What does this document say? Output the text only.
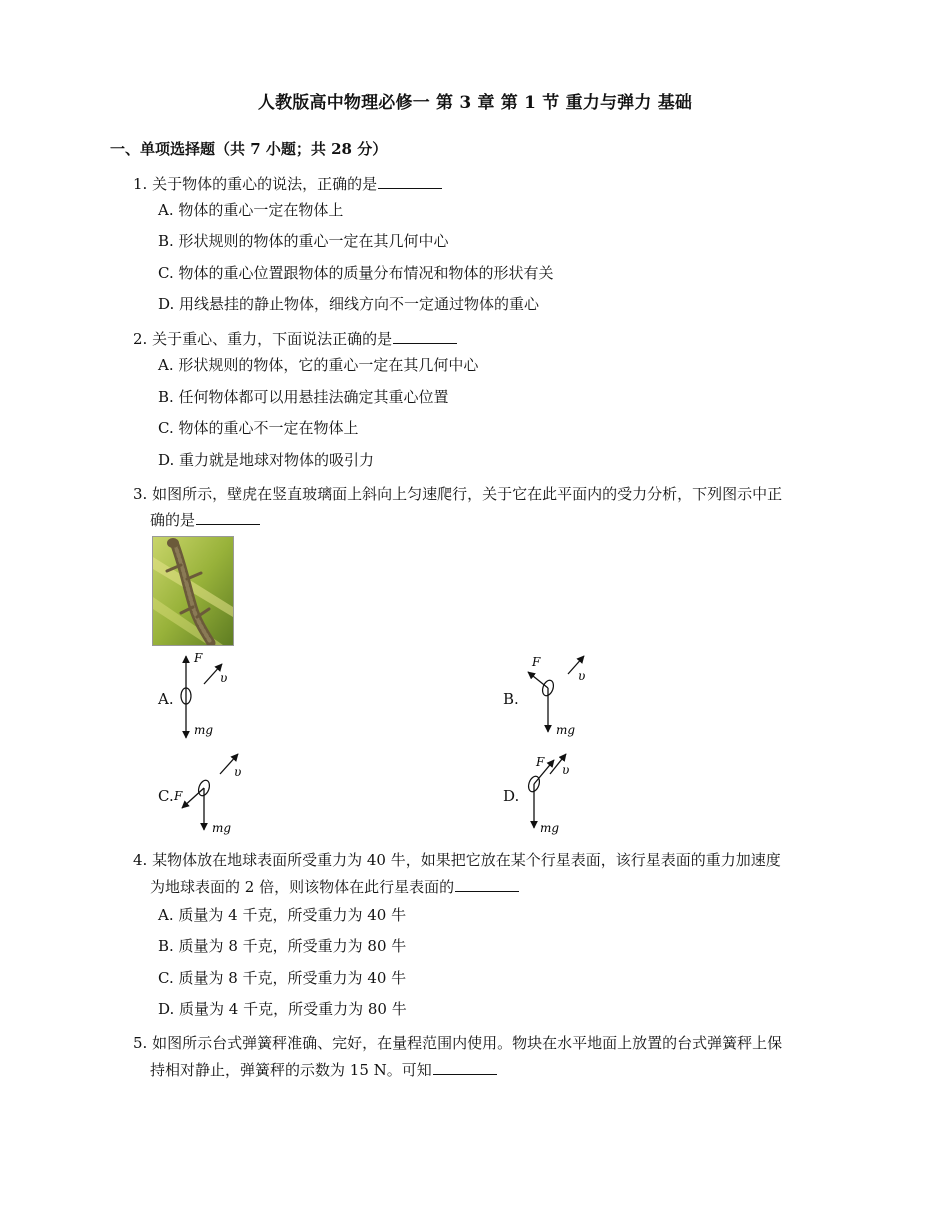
人教版高中物理必修一 第 3 章 第 1 节 重力与弹力 基础
一、单项选择题（共 7 小题；共 28 分）
1. 关于物体的重心的说法，正确的是
A. 物体的重心一定在物体上
B. 形状规则的物体的重心一定在其几何中心
C. 物体的重心位置跟物体的质量分布情况和物体的形状有关
D. 用线悬挂的静止物体，细线方向不一定通过物体的重心
2. 关于重心、重力，下面说法正确的是
A. 形状规则的物体，它的重心一定在其几何中心
B. 任何物体都可以用悬挂法确定其重心位置
C. 物体的重心不一定在物体上
D. 重力就是地球对物体的吸引力
3. 如图所示，壁虎在竖直玻璃面上斜向上匀速爬行，关于它在此平面内的受力分析，下列图示中正
确的是
A.	B.
C.	D.
F
υ
mg
F
υ
mg
F
υ
mg
F
υ
mg
4. 某物体放在地球表面所受重力为 40 牛，如果把它放在某个行星表面，该行星表面的重力加速度
为地球表面的 2 倍，则该物体在此行星表面的
A. 质量为 4 千克，所受重力为 40 牛
B. 质量为 8 千克，所受重力为 80 牛
C. 质量为 8 千克，所受重力为 40 牛
D. 质量为 4 千克，所受重力为 80 牛
5. 如图所示台式弹簧秤准确、完好，在量程范围内使用。物块在水平地面上放置的台式弹簧秤上保
持相对静止，弹簧秤的示数为 15 N。可知
